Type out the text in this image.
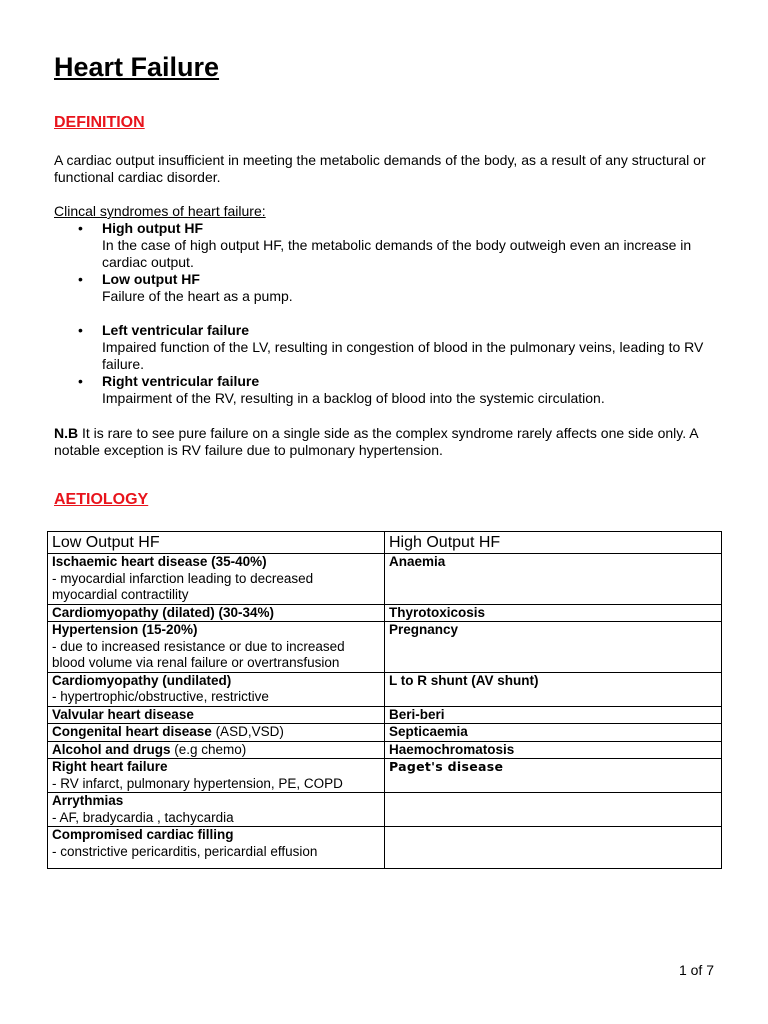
Heart Failure
DEFINITION

A cardiac output insufficient in meeting the metabolic demands of the body, as a result of any structural or functional cardiac disorder.

Clincal syndromes of heart failure:

• High output HF
In the case of high output HF, the metabolic demands of the body outweigh even an increase in cardiac output.
• Low output HF
Failure of the heart as a pump.
• Left ventricular failure
Impaired function of the LV, resulting in congestion of blood in the pulmonary veins, leading to RV failure.
• Right ventricular failure
Impairment of the RV, resulting in a backlog of blood into the systemic circulation.

N.B It is rare to see pure failure on a single side as the complex syndrome rarely affects one side only. A notable exception is RV failure due to pulmonary hypertension.

AETIOLOGY
Low Output HF	High Output HF
Ischaemic heart disease (35-40%)
- myocardial infarction leading to decreased myocardial contractility	Anaemia
Cardiomyopathy (dilated) (30-34%)	Thyrotoxicosis
Hypertension (15-20%)
- due to increased resistance or due to increased blood volume via renal failure or overtransfusion	Pregnancy
Cardiomyopathy (undilated)
- hypertrophic/obstructive, restrictive	L to R shunt (AV shunt)
Valvular heart disease	Beri-beri
Congenital heart disease (ASD,VSD)	Septicaemia
Alcohol and drugs (e.g chemo)	Haemochromatosis
Right heart failure
- RV infarct, pulmonary hypertension, PE, COPD	Paget's disease
Arrythmias
- AF, bradycardia , tachycardia	

Compromised cardiac filling
- constrictive pericarditis, pericardial effusion	

1 of 7
